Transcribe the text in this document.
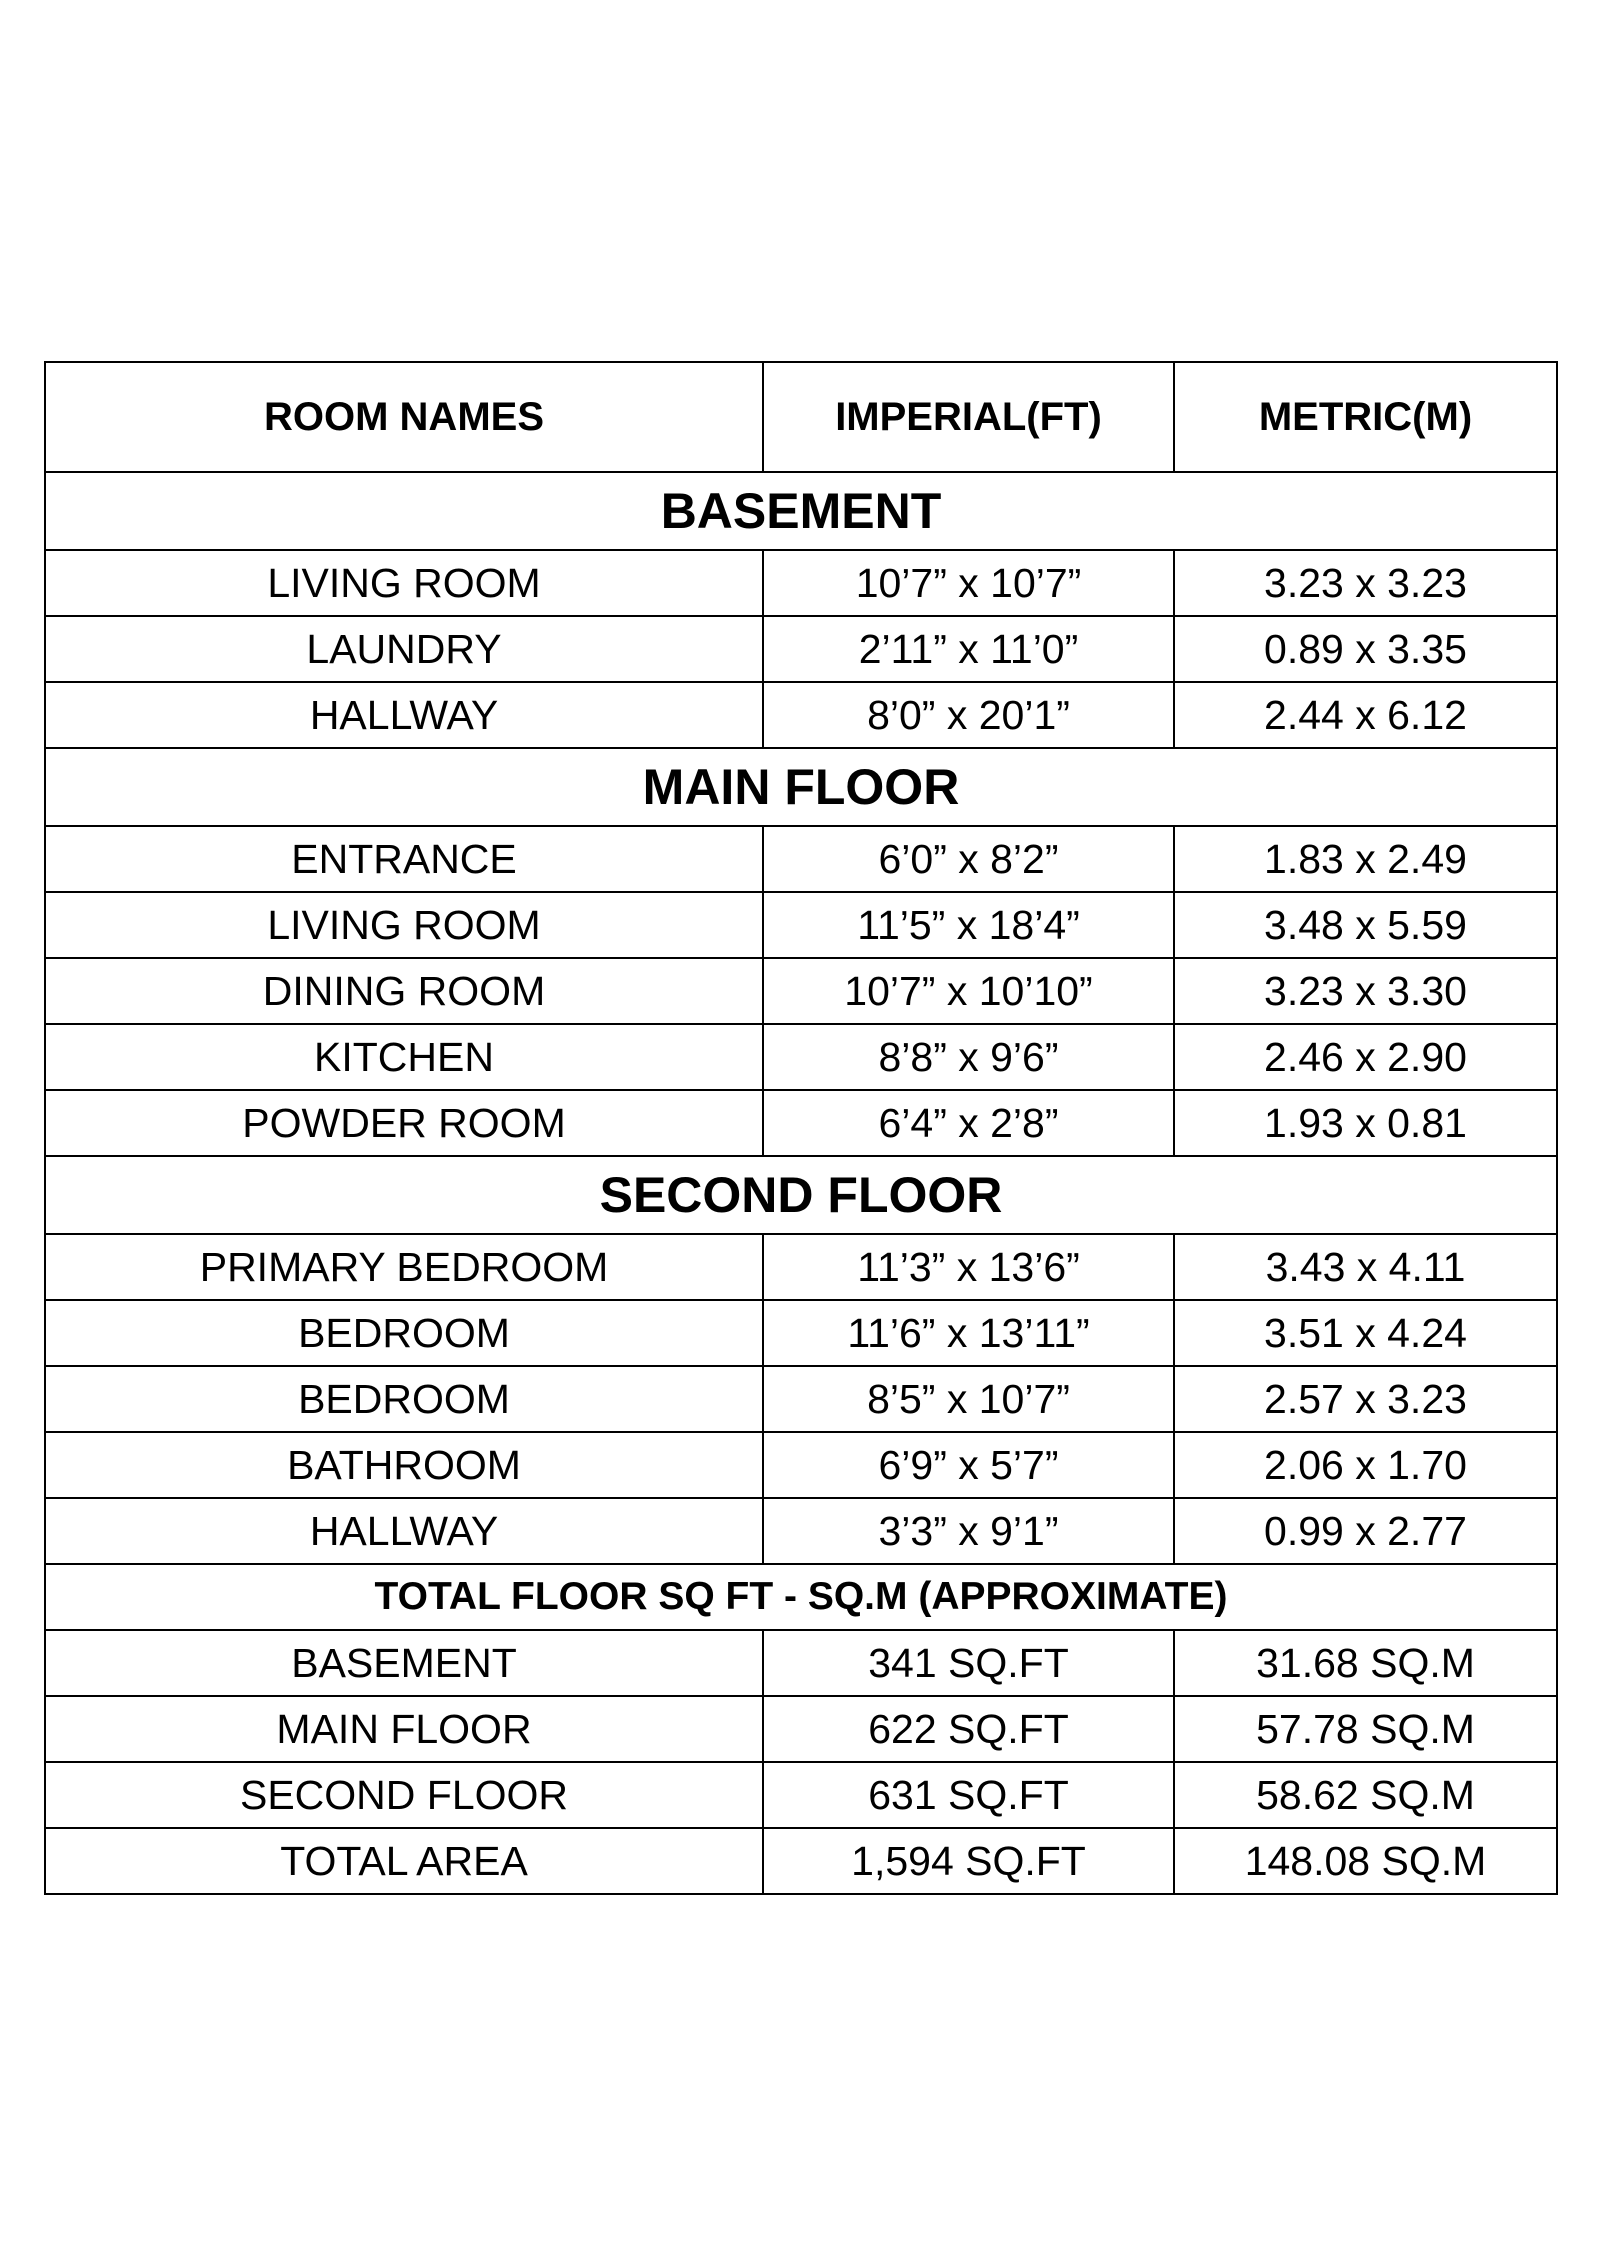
ROOM NAMES	IMPERIAL(FT)	METRIC(M)
BASEMENT		
LIVING ROOM	10’7” x 10’7”	3.23 x 3.23
LAUNDRY	2’11” x 11’0”	0.89 x 3.35
HALLWAY	8’0” x 20’1”	2.44 x 6.12
MAIN FLOOR		
ENTRANCE	6’0” x 8’2”	1.83 x 2.49
LIVING ROOM	11’5” x 18’4”	3.48 x 5.59
DINING ROOM	10’7” x 10’10”	3.23 x 3.30
KITCHEN	8’8” x 9’6”	2.46 x 2.90
POWDER ROOM	6’4” x 2’8”	1.93 x 0.81
SECOND FLOOR		
PRIMARY BEDROOM	11’3” x 13’6”	3.43 x 4.11
BEDROOM	11’6” x 13’11”	3.51 x 4.24
BEDROOM	8’5” x 10’7”	2.57 x 3.23
BATHROOM	6’9” x 5’7”	2.06 x 1.70
HALLWAY	3’3” x 9’1”	0.99 x 2.77
TOTAL FLOOR SQ FT - SQ.M (APPROXIMATE)		
BASEMENT	341 SQ.FT	31.68 SQ.M
MAIN FLOOR	622 SQ.FT	57.78 SQ.M
SECOND FLOOR	631 SQ.FT	58.62 SQ.M
TOTAL AREA	1,594 SQ.FT	148.08 SQ.M
